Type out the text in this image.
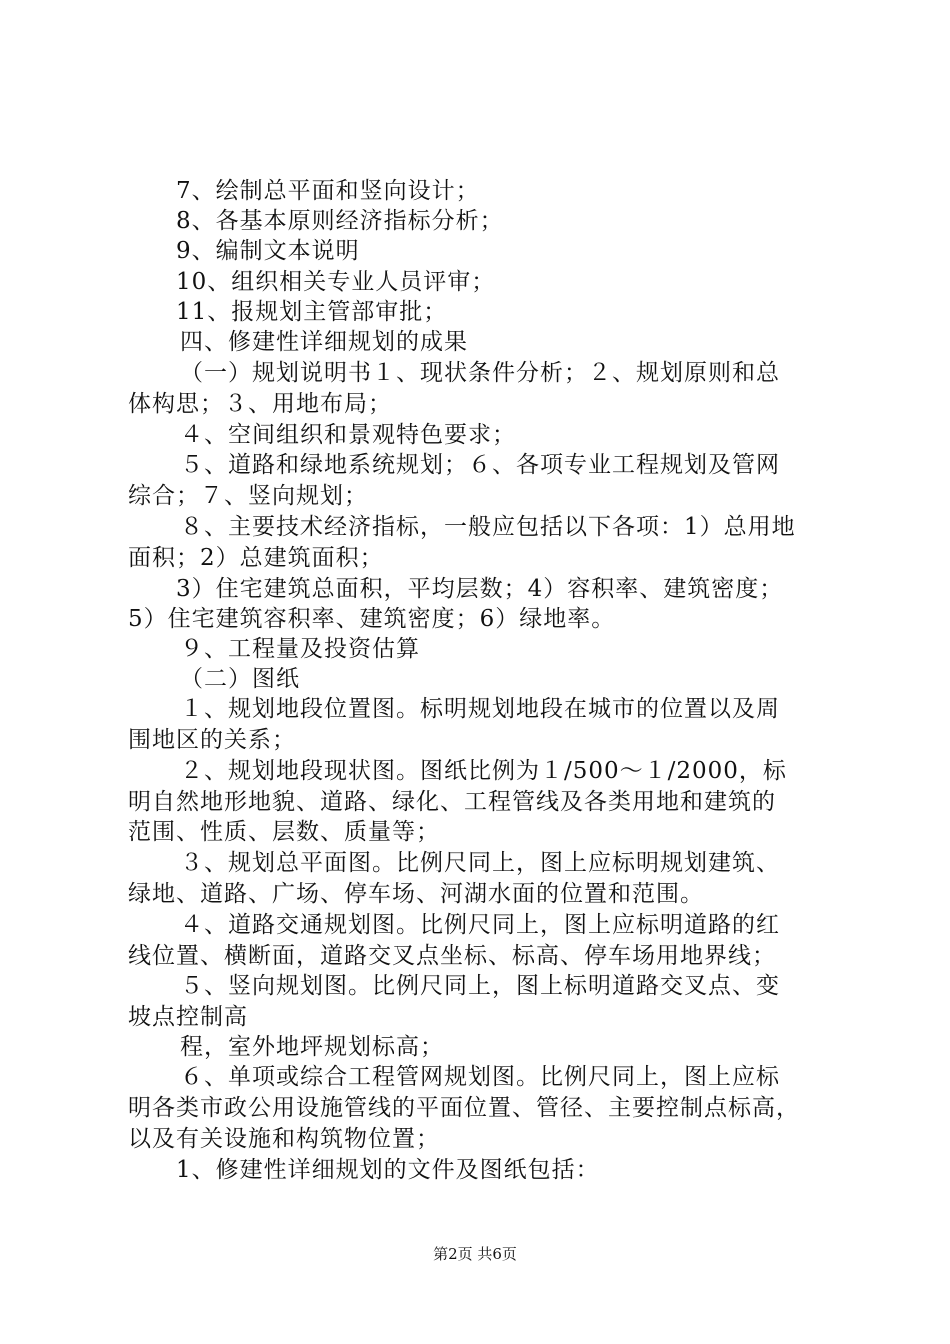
7、绘制总平面和竖向设计；
8、各基本原则经济指标分析；
9、编制文本说明
10、组织相关专业人员评审；
11、报规划主管部审批；
四、修建性详细规划的成果
（一）规划说明书１、现状条件分析；２、规划原则和总
体构思；３、用地布局；
４、空间组织和景观特色要求；
５、道路和绿地系统规划；６、各项专业工程规划及管网
综合；７、竖向规划；
８、主要技术经济指标，一般应包括以下各项：1）总用地
面积；2）总建筑面积；
3）住宅建筑总面积，平均层数；4）容积率、建筑密度；
5）住宅建筑容积率、建筑密度；6）绿地率。
９、工程量及投资估算
（二）图纸
１、规划地段位置图。标明规划地段在城市的位置以及周
围地区的关系；
２、规划地段现状图。图纸比例为１/500～１/2000，标
明自然地形地貌、道路、绿化、工程管线及各类用地和建筑的
范围、性质、层数、质量等；
３、规划总平面图。比例尺同上，图上应标明规划建筑、
绿地、道路、广场、停车场、河湖水面的位置和范围。
４、道路交通规划图。比例尺同上，图上应标明道路的红
线位置、横断面，道路交叉点坐标、标高、停车场用地界线；
５、竖向规划图。比例尺同上，图上标明道路交叉点、变
坡点控制高
程，室外地坪规划标高；
６、单项或综合工程管网规划图。比例尺同上，图上应标
明各类市政公用设施管线的平面位置、管径、主要控制点标高，
以及有关设施和构筑物位置；
1、修建性详细规划的文件及图纸包括：
第2页 共6页
